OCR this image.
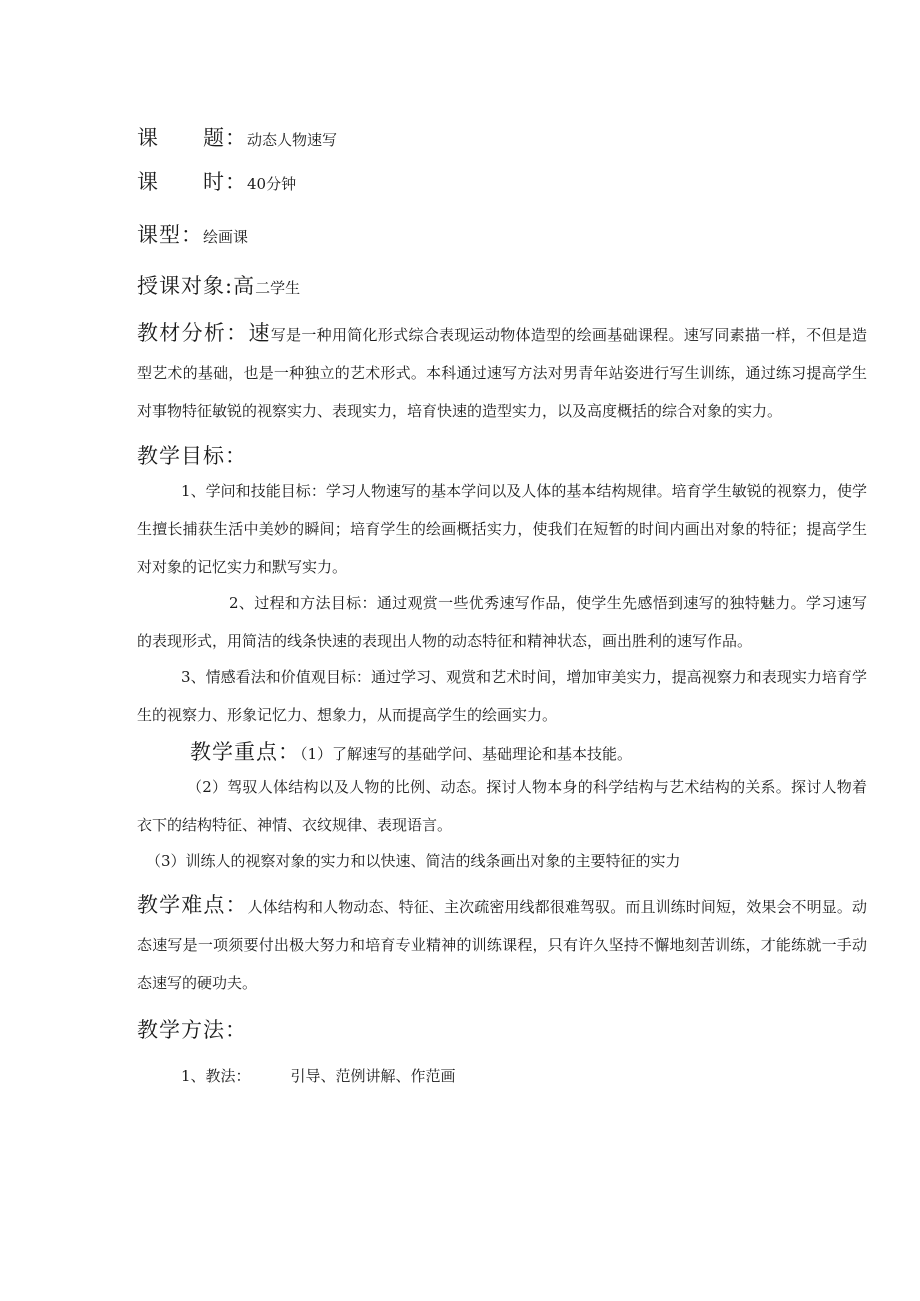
课　　题：动态人物速写
课　　时：40分钟
课型：绘画课
授课对象:高二学生
教材分析：速写是一种用简化形式综合表现运动物体造型的绘画基础课程。速写同素描一样，不但是造型艺术的基础，也是一种独立的艺术形式。本科通过速写方法对男青年站姿进行写生训练，通过练习提高学生对事物特征敏锐的视察实力、表现实力，培育快速的造型实力，以及高度概括的综合对象的实力。
教学目标：
1、学问和技能目标：学习人物速写的基本学问以及人体的基本结构规律。培育学生敏锐的视察力，使学生擅长捕获生活中美妙的瞬间；培育学生的绘画概括实力，使我们在短暂的时间内画出对象的特征；提高学生对对象的记忆实力和默写实力。
2、过程和方法目标：通过观赏一些优秀速写作品，使学生先感悟到速写的独特魅力。学习速写的表现形式，用简洁的线条快速的表现出人物的动态特征和精神状态，画出胜利的速写作品。
3、情感看法和价值观目标：通过学习、观赏和艺术时间，增加审美实力，提高视察力和表现实力培育学生的视察力、形象记忆力、想象力，从而提高学生的绘画实力。
教学重点：（1）了解速写的基础学问、基础理论和基本技能。
（2）驾驭人体结构以及人物的比例、动态。探讨人物本身的科学结构与艺术结构的关系。探讨人物着衣下的结构特征、神情、衣纹规律、表现语言。
（3）训练人的视察对象的实力和以快速、简洁的线条画出对象的主要特征的实力
教学难点：人体结构和人物动态、特征、主次疏密用线都很难驾驭。而且训练时间短，效果会不明显。动态速写是一项须要付出极大努力和培育专业精神的训练课程，只有许久坚持不懈地刻苦训练，才能练就一手动态速写的硬功夫。
教学方法：
1、教法：	引导、范例讲解、作范画
